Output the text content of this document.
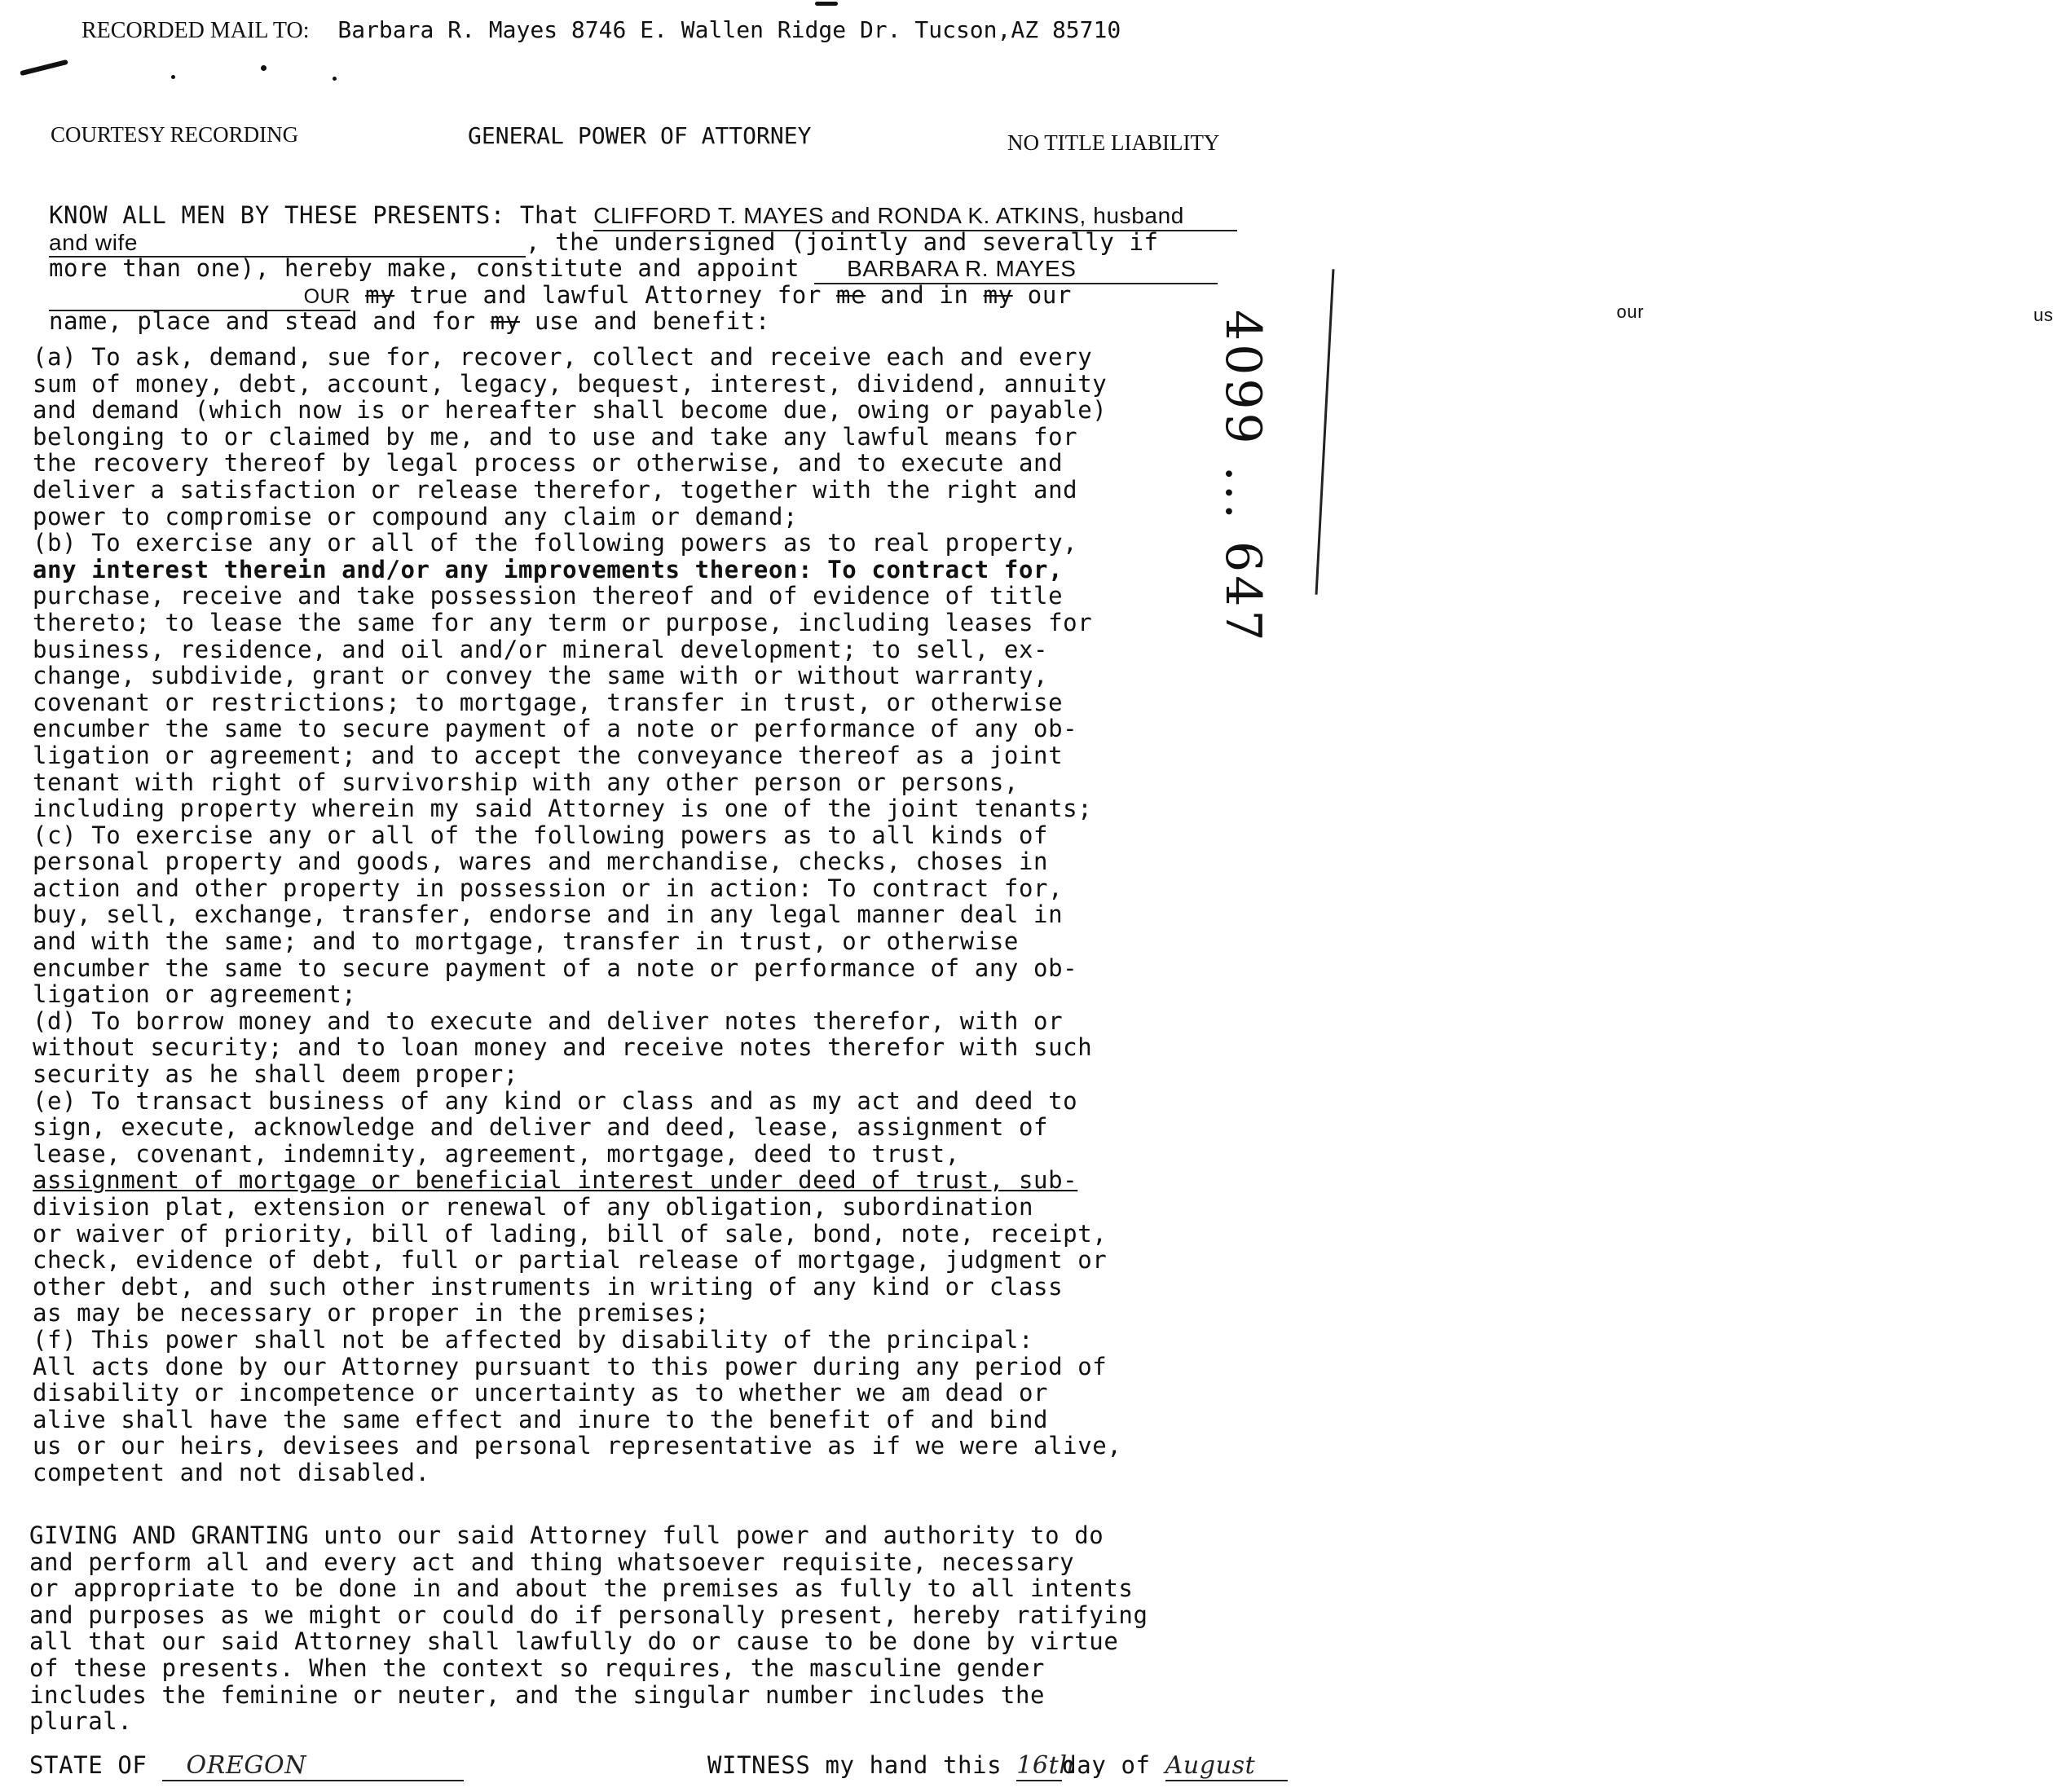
RECORDED MAIL TO: Barbara R. Mayes 8746 E. Wallen Ridge Dr. Tucson,AZ 85710
COURTESY RECORDING	GENERAL POWER OF ATTORNEY	NO TITLE LIABILITY
KNOW ALL MEN BY THESE PRESENTS: That CLIFFORD T. MAYES and RONDA K. ATKINS, husband
and wife	, the undersigned (jointly and severally if
more than one), hereby make, constitute and appoint BARBARA R. MAYES
OUR my true and lawful Attorney for me and in my our $_{us}$ $_{our}$
name, place and stead and for my use and benefit:
(a) To ask, demand, sue for, recover, collect and receive each and every
sum of money, debt, account, legacy, bequest, interest, dividend, annuity
and demand (which now is or hereafter shall become due, owing or payable)
belonging to or claimed by me, and to use and take any lawful means for
the recovery thereof by legal process or otherwise, and to execute and
deliver a satisfaction or release therefor, together with the right and
power to compromise or compound any claim or demand;
(b) To exercise any or all of the following powers as to real property,
any interest therein and/or any improvements thereon: To contract for,
purchase, receive and take possession thereof and of evidence of title
thereto; to lease the same for any term or purpose, including leases for
business, residence, and oil and/or mineral development; to sell, ex-
change, subdivide, grant or convey the same with or without warranty,
covenant or restrictions; to mortgage, transfer in trust, or otherwise
encumber the same to secure payment of a note or performance of any ob-
ligation or agreement; and to accept the conveyance thereof as a joint
tenant with right of survivorship with any other person or persons,
including property wherein my said Attorney is one of the joint tenants;
(c) To exercise any or all of the following powers as to all kinds of
personal property and goods, wares and merchandise, checks, choses in
action and other property in possession or in action: To contract for,
buy, sell, exchange, transfer, endorse and in any legal manner deal in
and with the same; and to mortgage, transfer in trust, or otherwise
encumber the same to secure payment of a note or performance of any ob-
ligation or agreement;
(d) To borrow money and to execute and deliver notes therefor, with or
without security; and to loan money and receive notes therefor with such
security as he shall deem proper;
(e) To transact business of any kind or class and as my act and deed to
sign, execute, acknowledge and deliver and deed, lease, assignment of
lease, covenant, indemnity, agreement, mortgage, deed to trust,
assignment of mortgage or beneficial interest under deed of trust, sub-
division plat, extension or renewal of any obligation, subordination
or waiver of priority, bill of lading, bill of sale, bond, note, receipt,
check, evidence of debt, full or partial release of mortgage, judgment or
other debt, and such other instruments in writing of any kind or class
as may be necessary or proper in the premises;
(f) This power shall not be affected by disability of the principal:
All acts done by our Attorney pursuant to this power during any period of
disability or incompetence or uncertainty as to whether we am dead or
alive shall have the same effect and inure to the benefit of and bind
us or our heirs, devisees and personal representative as if we were alive,
competent and not disabled.
GIVING AND GRANTING unto our said Attorney full power and authority to do
and perform all and every act and thing whatsoever requisite, necessary
or appropriate to be done in and about the premises as fully to all intents
and purposes as we might or could do if personally present, hereby ratifying
all that our said Attorney shall lawfully do or cause to be done by virtue
of these presents. When the context so requires, the masculine gender
includes the feminine or neuter, and the singular number includes the
plural.
STATE OF OREGON	WITNESS my hand this 16thday of August
4099 ... 647
